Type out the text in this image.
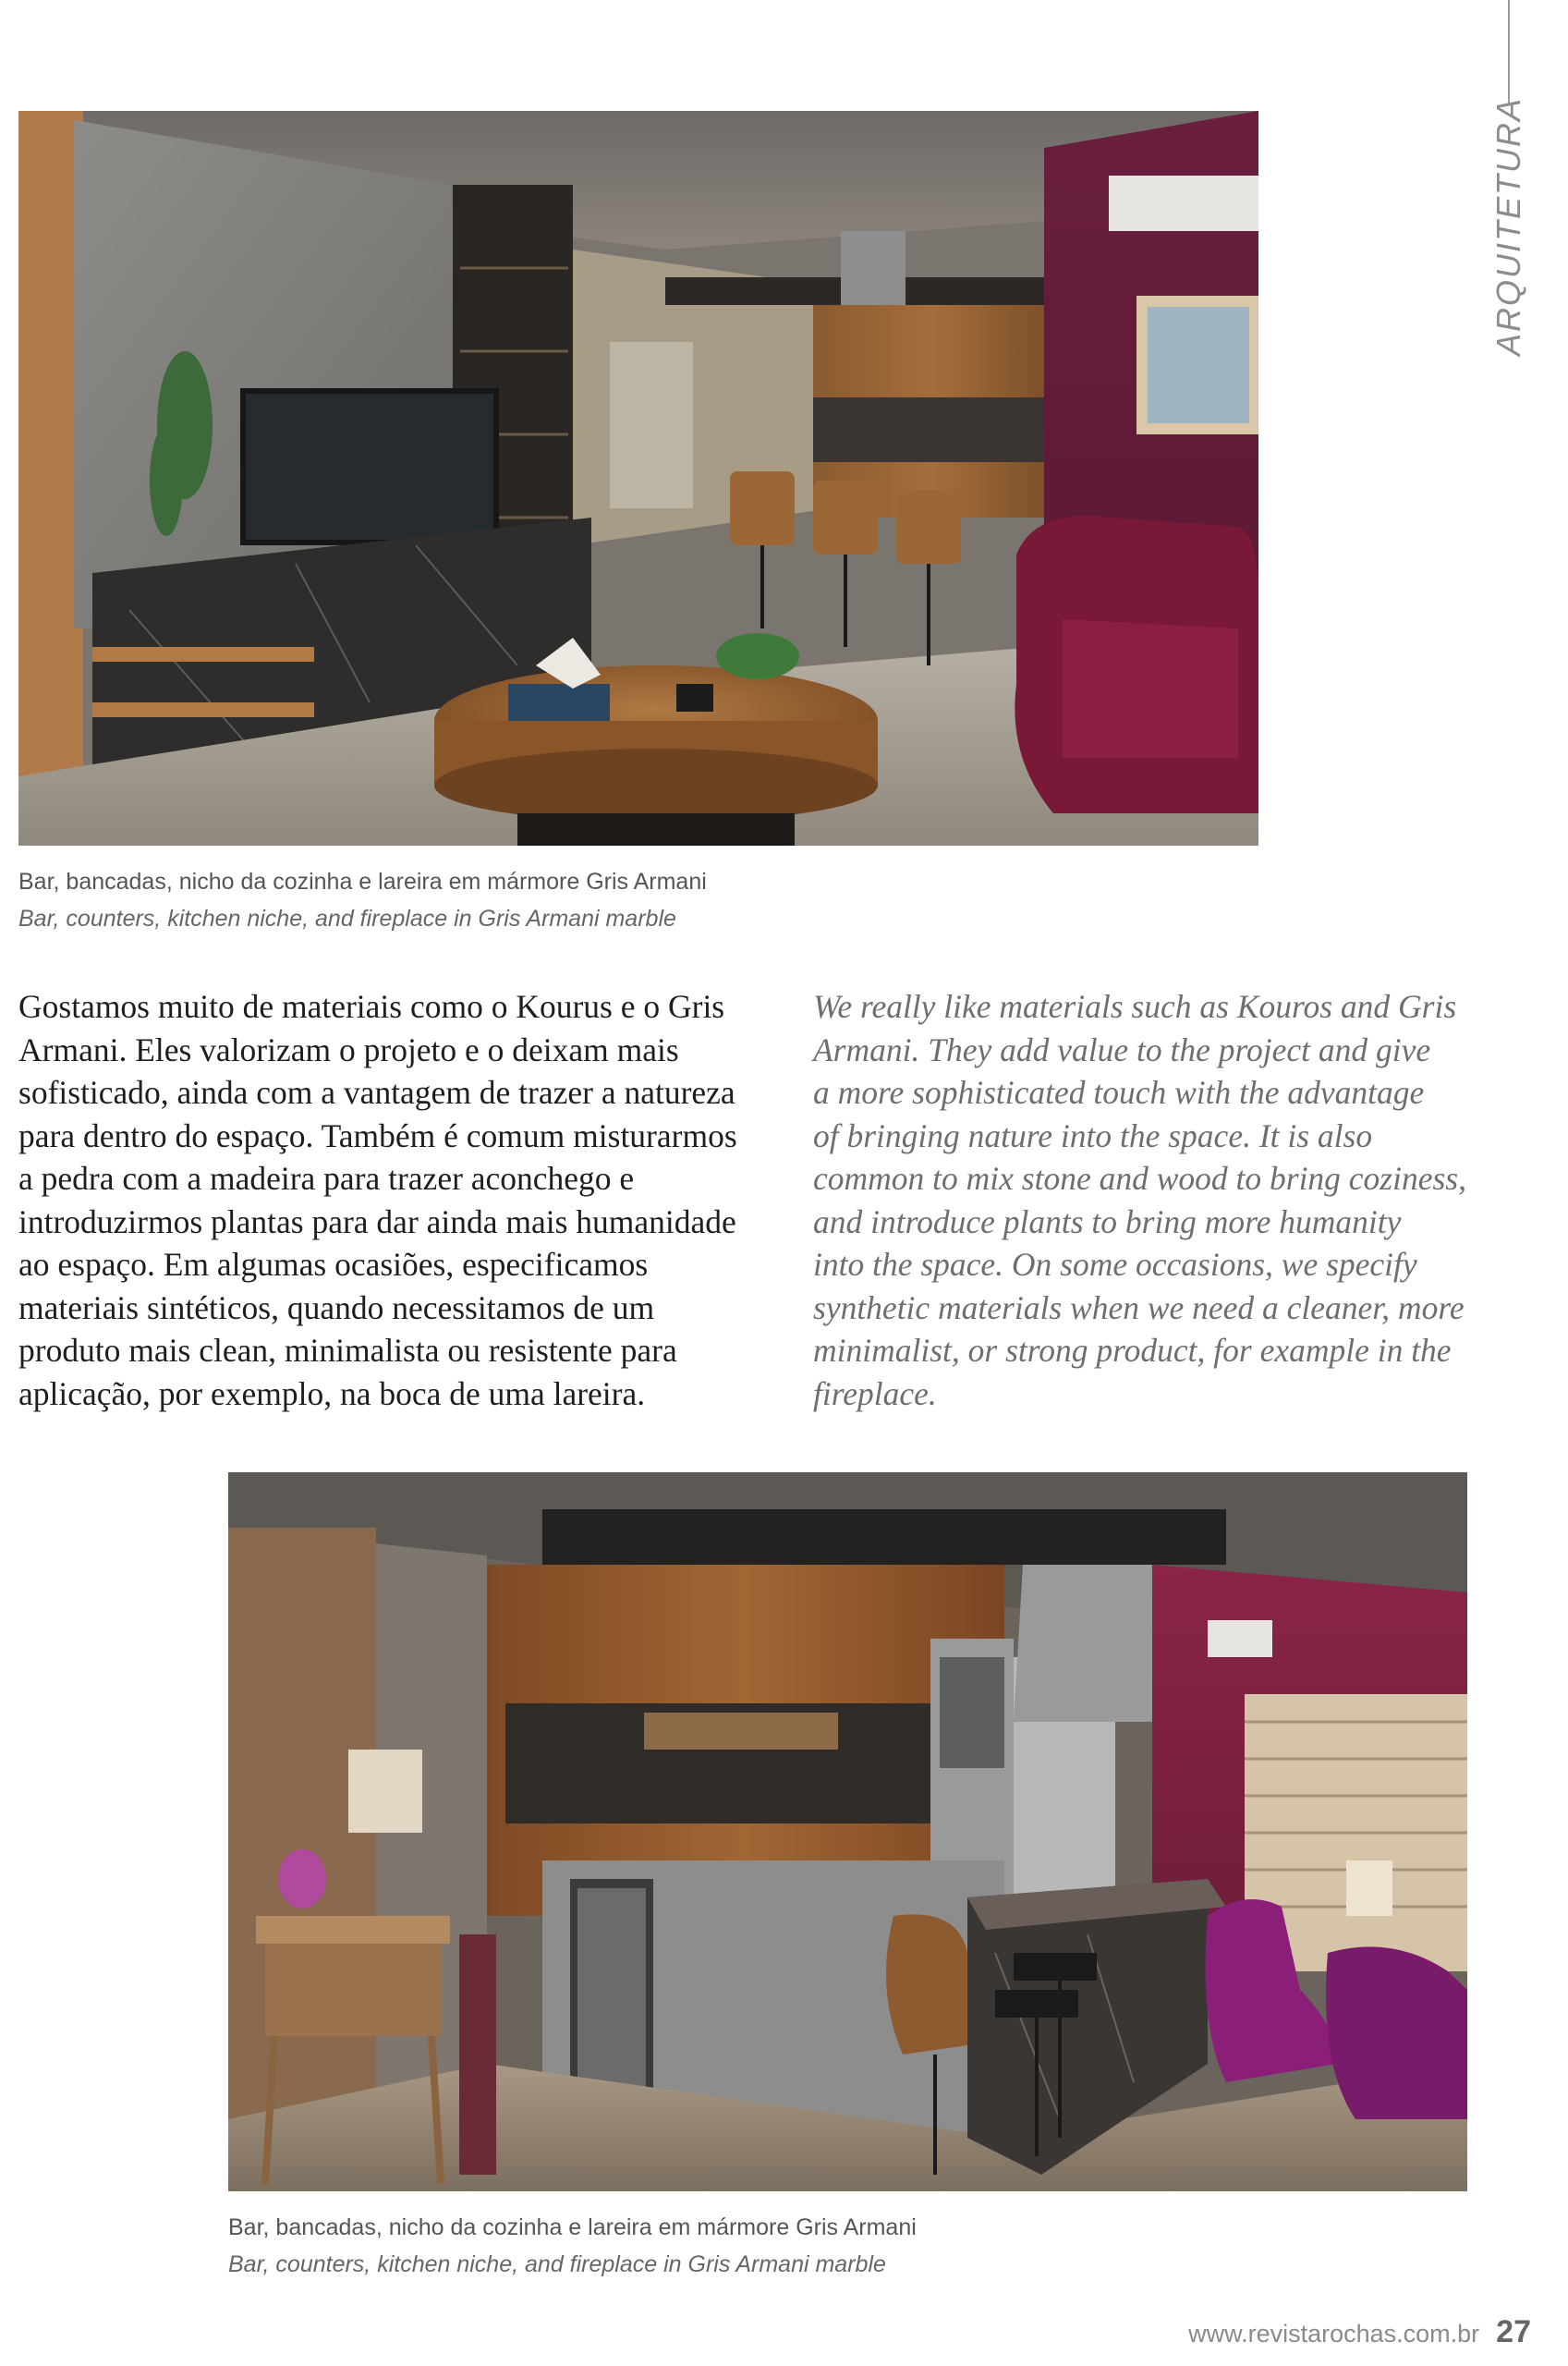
ARQUITETURA
Bar, bancadas, nicho da cozinha e lareira em mármore Gris Armani
Bar, counters, kitchen niche, and fireplace in Gris Armani marble
Gostamos muito de materiais como o Kourus e o Gris
Armani. Eles valorizam o projeto e o deixam mais
sofisticado, ainda com a vantagem de trazer a natureza
para dentro do espaço. Também é comum misturarmos
a pedra com a madeira para trazer aconchego e
introduzirmos plantas para dar ainda mais humanidade
ao espaço. Em algumas ocasiões, especificamos
materiais sintéticos, quando necessitamos de um
produto mais clean, minimalista ou resistente para
aplicação, por exemplo, na boca de uma lareira.
We really like materials such as Kouros and Gris
Armani. They add value to the project and give
a more sophisticated touch with the advantage
of bringing nature into the space. It is also
common to mix stone and wood to bring coziness,
and introduce plants to bring more humanity
into the space. On some occasions, we specify
synthetic materials when we need a cleaner, more
minimalist, or strong product, for example in the
fireplace.
Bar, bancadas, nicho da cozinha e lareira em mármore Gris Armani
Bar, counters, kitchen niche, and fireplace in Gris Armani marble
www.revistarochas.com.br 27
